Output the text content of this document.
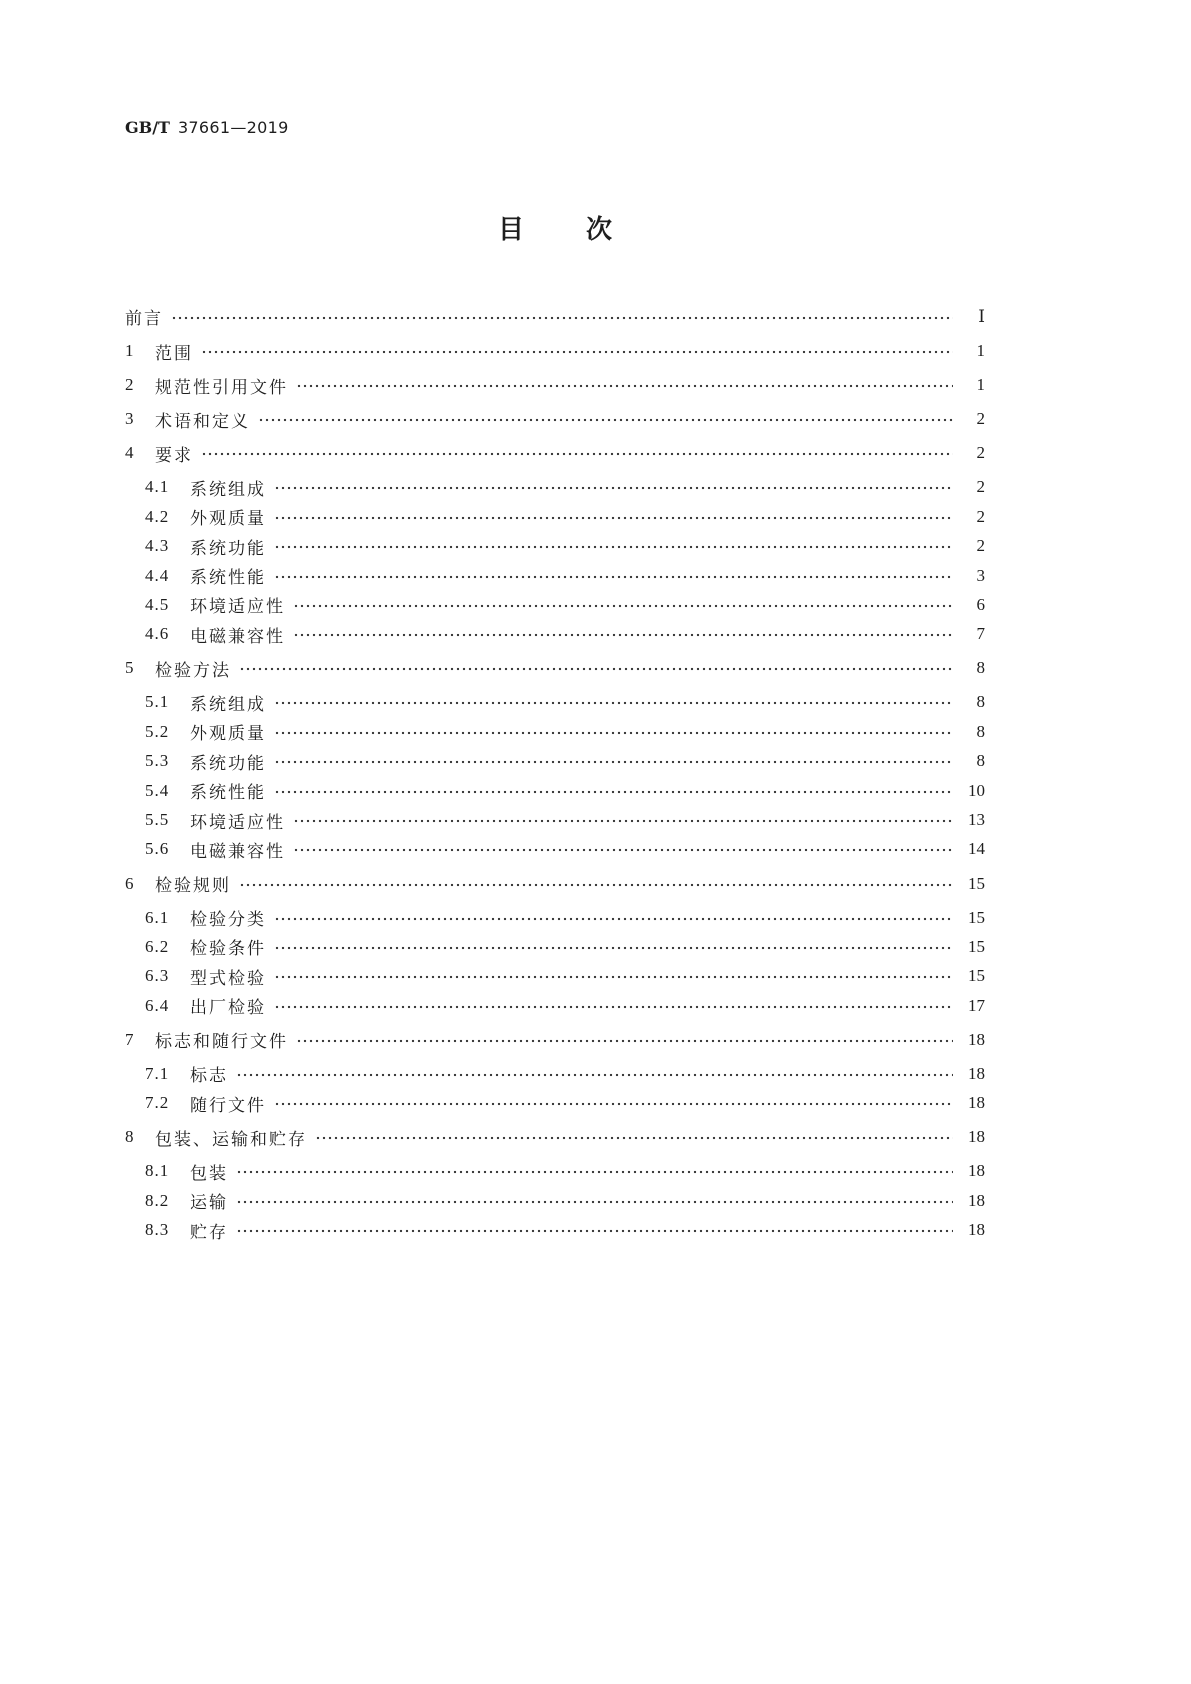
GB/T 37661—2019
目次
前言	Ⅰ
1	范围	1
2	规范性引用文件	1
3	术语和定义	2
4	要求	2
4.1	系统组成	2
4.2	外观质量	2
4.3	系统功能	2
4.4	系统性能	3
4.5	环境适应性	6
4.6	电磁兼容性	7
5	检验方法	8
5.1	系统组成	8
5.2	外观质量	8
5.3	系统功能	8
5.4	系统性能	10
5.5	环境适应性	13
5.6	电磁兼容性	14
6	检验规则	15
6.1	检验分类	15
6.2	检验条件	15
6.3	型式检验	15
6.4	出厂检验	17
7	标志和随行文件	18
7.1	标志	18
7.2	随行文件	18
8	包装、运输和贮存	18
8.1	包装	18
8.2	运输	18
8.3	贮存	18
